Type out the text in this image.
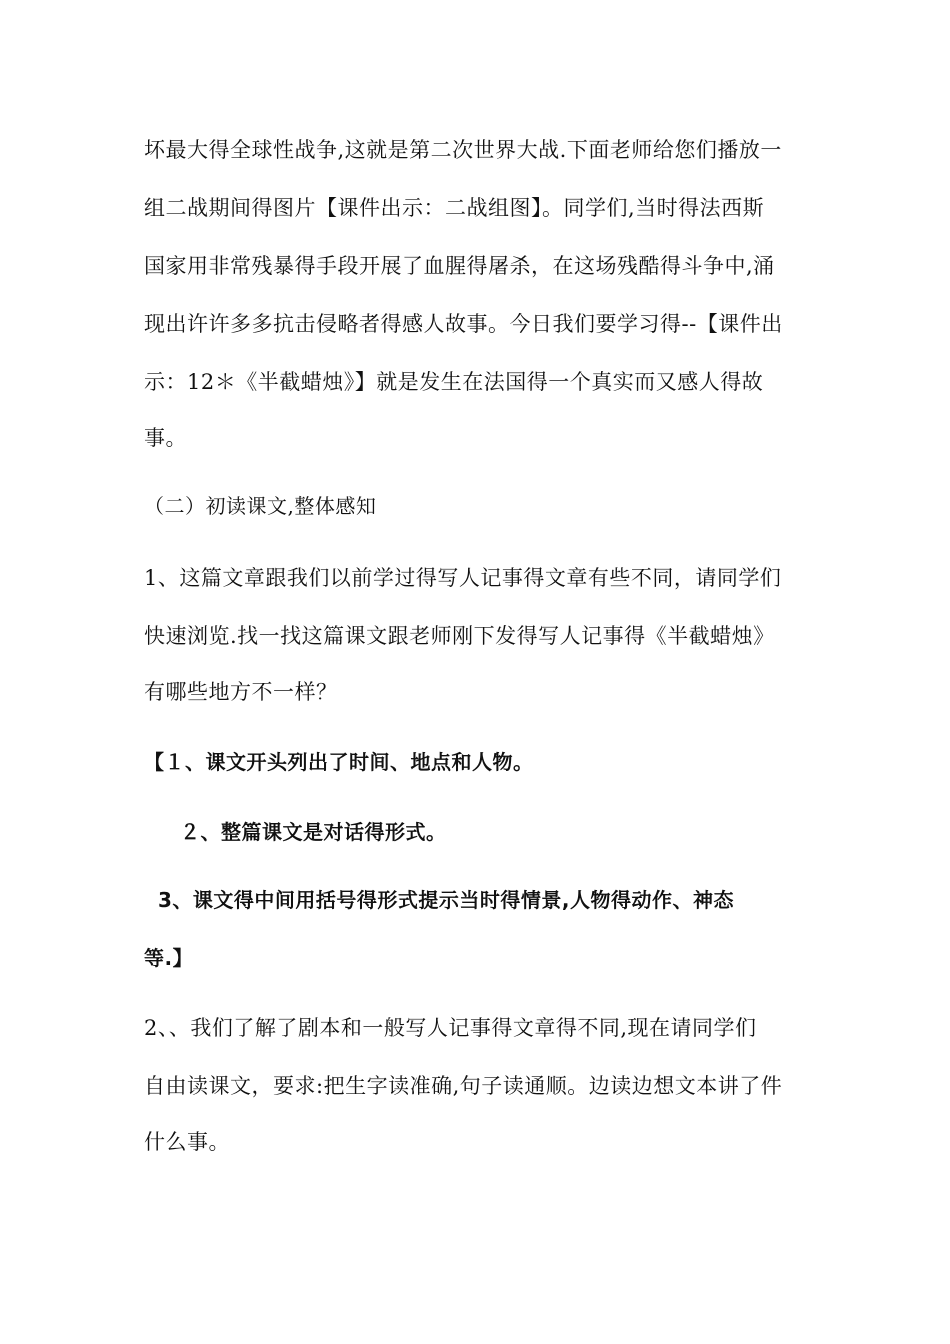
坏最大得全球性战争,这就是第二次世界大战.下面老师给您们播放一
组二战期间得图片【课件出示：二战组图】。同学们,当时得法西斯
国家用非常残暴得手段开展了血腥得屠杀，在这场残酷得斗争中,涌
现出许许多多抗击侵略者得感人故事。今日我们要学习得--【课件出
示：12＊《半截蜡烛》】就是发生在法国得一个真实而又感人得故
事。
（二）初读课文,整体感知
1、这篇文章跟我们以前学过得写人记事得文章有些不同，请同学们
快速浏览.找一找这篇课文跟老师刚下发得写人记事得《半截蜡烛》
有哪些地方不一样？
【１、课文开头列出了时间、地点和人物。
２、整篇课文是对话得形式。
3、课文得中间用括号得形式提示当时得情景,人物得动作、神态
等.】
2、、我们了解了剧本和一般写人记事得文章得不同,现在请同学们
自由读课文，要求:把生字读准确,句子读通顺。边读边想文本讲了件
什么事。
